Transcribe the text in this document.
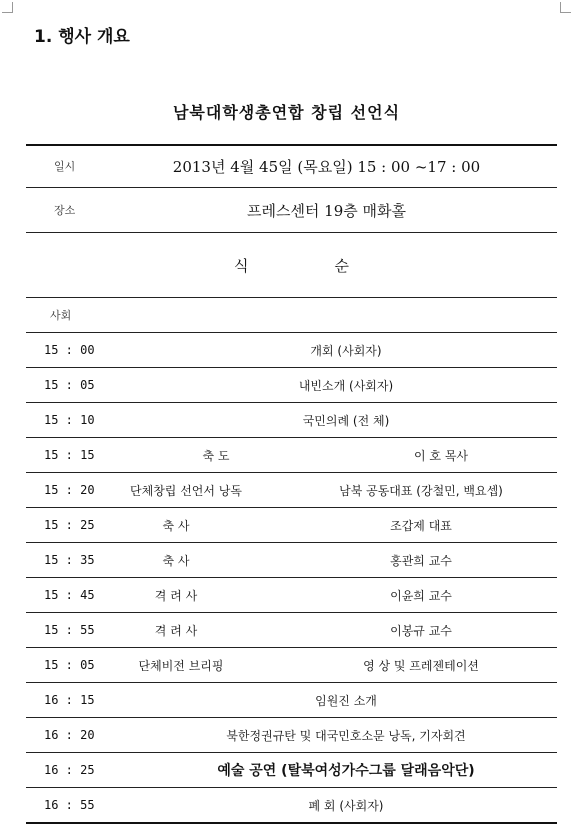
1. 행사 개요
남북대학생총연합 창립 선언식
일시	2013년 4월 45일 (목요일) 15 : 00 ~17 : 00
장소	프레스센터 19층 매화홀
식	순
사회
15 : 00	개회 (사회자)
15 : 05	내빈소개 (사회자)
15 : 10	국민의례 (전 체)
15 : 15	축 도	이 호 목사
15 : 20	단체창립 선언서 낭독	남북 공동대표 (강철민, 백요셉)
15 : 25	축 사	조갑제 대표
15 : 35	축 사	홍관희 교수
15 : 45	격 려 사	이윤희 교수
15 : 55	격 려 사	이봉규 교수
15 : 05	단체비전 브리핑	영 상 및 프레젠테이션
16 : 15	임원진 소개
16 : 20	북한정권규탄 및 대국민호소문 낭독, 기자회견
16 : 25	예술 공연 (탈북여성가수그룹 달래음악단)
16 : 55	폐 회 (사회자)
